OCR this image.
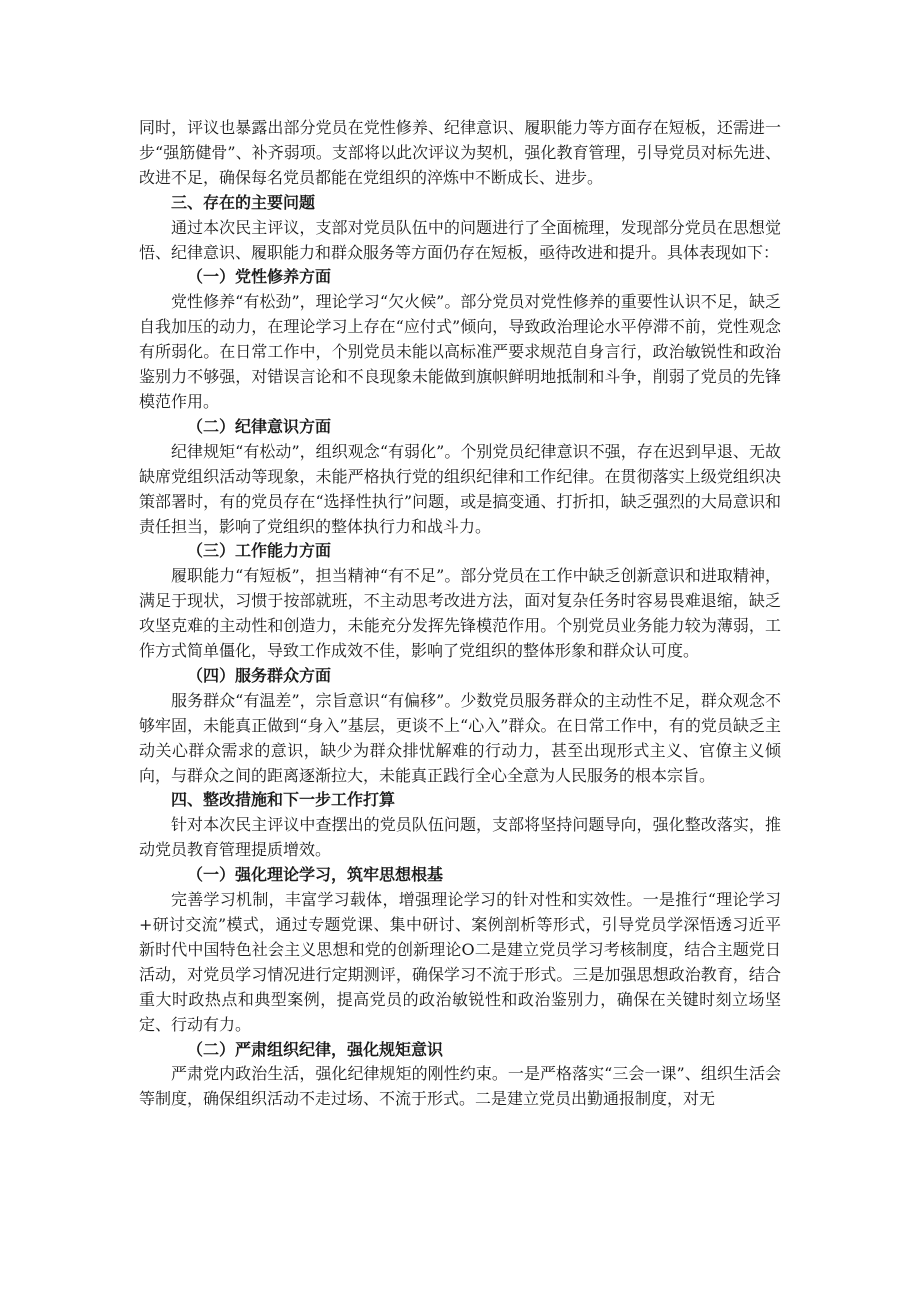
同时，评议也暴露出部分党员在党性修养、纪律意识、履职能力等方面存在短板，还需进一步“强筋健骨”、补齐弱项。支部将以此次评议为契机，强化教育管理，引导党员对标先进、改进不足，确保每名党员都能在党组织的淬炼中不断成长、进步。

三、存在的主要问题

通过本次民主评议，支部对党员队伍中的问题进行了全面梳理，发现部分党员在思想觉悟、纪律意识、履职能力和群众服务等方面仍存在短板，亟待改进和提升。具体表现如下：

（一）党性修养方面

党性修养“有松劲”，理论学习“欠火候”。部分党员对党性修养的重要性认识不足，缺乏自我加压的动力，在理论学习上存在“应付式”倾向，导致政治理论水平停滞不前，党性观念有所弱化。在日常工作中，个别党员未能以高标准严要求规范自身言行，政治敏锐性和政治鉴别力不够强，对错误言论和不良现象未能做到旗帜鲜明地抵制和斗争，削弱了党员的先锋模范作用。

（二）纪律意识方面

纪律规矩“有松动”，组织观念“有弱化”。个别党员纪律意识不强，存在迟到早退、无故缺席党组织活动等现象，未能严格执行党的组织纪律和工作纪律。在贯彻落实上级党组织决策部署时，有的党员存在“选择性执行”问题，或是搞变通、打折扣，缺乏强烈的大局意识和责任担当，影响了党组织的整体执行力和战斗力。

（三）工作能力方面

履职能力“有短板”，担当精神“有不足”。部分党员在工作中缺乏创新意识和进取精神，满足于现状，习惯于按部就班，不主动思考改进方法，面对复杂任务时容易畏难退缩，缺乏攻坚克难的主动性和创造力，未能充分发挥先锋模范作用。个别党员业务能力较为薄弱，工作方式简单僵化，导致工作成效不佳，影响了党组织的整体形象和群众认可度。

（四）服务群众方面

服务群众“有温差”，宗旨意识“有偏移”。少数党员服务群众的主动性不足，群众观念不够牢固，未能真正做到“身入”基层，更谈不上“心入”群众。在日常工作中，有的党员缺乏主动关心群众需求的意识，缺少为群众排忧解难的行动力，甚至出现形式主义、官僚主义倾向，与群众之间的距离逐渐拉大，未能真正践行全心全意为人民服务的根本宗旨。

四、整改措施和下一步工作打算

针对本次民主评议中查摆出的党员队伍问题，支部将坚持问题导向，强化整改落实，推动党员教育管理提质增效。

（一）强化理论学习，筑牢思想根基

完善学习机制，丰富学习载体，增强理论学习的针对性和实效性。一是推行“理论学习+研讨交流”模式，通过专题党课、集中研讨、案例剖析等形式，引导党员学深悟透习近平新时代中国特色社会主义思想和党的创新理论O二是建立党员学习考核制度，结合主题党日活动，对党员学习情况进行定期测评，确保学习不流于形式。三是加强思想政治教育，结合重大时政热点和典型案例，提高党员的政治敏锐性和政治鉴别力，确保在关键时刻立场坚定、行动有力。

（二）严肃组织纪律，强化规矩意识

严肃党内政治生活，强化纪律规矩的刚性约束。一是严格落实“三会一课”、组织生活会等制度，确保组织活动不走过场、不流于形式。二是建立党员出勤通报制度，对无
